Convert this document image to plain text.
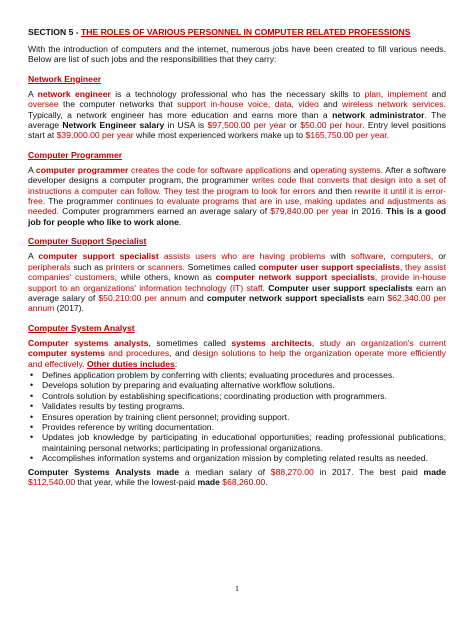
SECTION 5 - THE ROLES OF VARIOUS PERSONNEL IN COMPUTER RELATED PROFESSIONS

With the introduction of computers and the internet, numerous jobs have been created to fill various needs. Below are list of such jobs and the responsibilities that they carry:

Network Engineer

A network engineer is a technology professional who has the necessary skills to plan, implement and oversee the computer networks that support in-house voice, data, video and wireless network services. Typically, a network engineer has more education and earns more than a network administrator. The average Network Engineer salary in USA is $97,500.00 per year or $50.00 per hour. Entry level positions start at $39,000.00 per year while most experienced workers make up to $165,750.00 per year.

Computer Programmer

A computer programmer creates the code for software applications and operating systems. After a software developer designs a computer program, the programmer writes code that converts that design into a set of instructions a computer can follow. They test the program to look for errors and then rewrite it until it is error-free. The programmer continues to evaluate programs that are in use, making updates and adjustments as needed. Computer programmers earned an average salary of $79,840.00 per year in 2016. This is a good job for people who like to work alone.

Computer Support Specialist

A computer support specialist assists users who are having problems with software, computers, or peripherals such as printers or scanners. Sometimes called computer user support specialists, they assist companies' customers, while others, known as computer network support specialists, provide in-house support to an organizations' information technology (IT) staff. Computer user support specialists earn an average salary of $50,210:00 per annum and computer network support specialists earn $62,340.00 per annum (2017).

Computer System Analyst

Computer systems analysts, sometimes called systems architects, study an organization's current computer systems and procedures, and design solutions to help the organization operate more efficiently and effectively. Other duties includes:

• Defines application problem by conferring with clients; evaluating procedures and processes.
• Develops solution by preparing and evaluating alternative workflow solutions.
• Controls solution by establishing specifications; coordinating production with programmers.
• Validates results by testing programs.
• Ensures operation by training client personnel; providing support.
• Provides reference by writing documentation.
• Updates job knowledge by participating in educational opportunities; reading professional publications; maintaining personal networks; participating in professional organizations.
• Accomplishes information systems and organization mission by completing related results as needed.

Computer Systems Analysts made a median salary of $88,270.00 in 2017. The best paid made $112,540.00 that year, while the lowest-paid made $68,260.00.

1
